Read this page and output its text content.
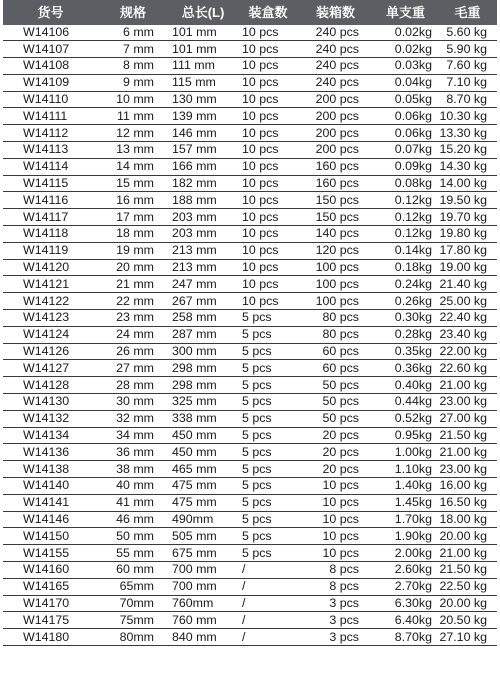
货号	规格	总长(L)	装盒数	装箱数	单支重	毛重
W14106	6 mm	101 mm	10 pcs	240 pcs	0.02kg	5.60 kg
W14107	7 mm	101 mm	10 pcs	240 pcs	0.02kg	5.90 kg
W14108	8 mm	111 mm	10 pcs	240 pcs	0.03kg	7.60 kg
W14109	9 mm	115 mm	10 pcs	240 pcs	0.04kg	7.10 kg
W14110	10 mm	130 mm	10 pcs	200 pcs	0.05kg	8.70 kg
W14111	11 mm	139 mm	10 pcs	200 pcs	0.06kg	10.30 kg
W14112	12 mm	146 mm	10 pcs	200 pcs	0.06kg	13.30 kg
W14113	13 mm	157 mm	10 pcs	200 pcs	0.07kg	15.20 kg
W14114	14 mm	166 mm	10 pcs	160 pcs	0.09kg	14.30 kg
W14115	15 mm	182 mm	10 pcs	160 pcs	0.08kg	14.00 kg
W14116	16 mm	188 mm	10 pcs	150 pcs	0.12kg	19.50 kg
W14117	17 mm	203 mm	10 pcs	150 pcs	0.12kg	19.70 kg
W14118	18 mm	203 mm	10 pcs	140 pcs	0.12kg	19.80 kg
W14119	19 mm	213 mm	10 pcs	120 pcs	0.14kg	17.80 kg
W14120	20 mm	213 mm	10 pcs	100 pcs	0.18kg	19.00 kg
W14121	21 mm	247 mm	10 pcs	100 pcs	0.24kg	21.40 kg
W14122	22 mm	267 mm	10 pcs	100 pcs	0.26kg	25.00 kg
W14123	23 mm	258 mm	5 pcs	80 pcs	0.30kg	22.40 kg
W14124	24 mm	287 mm	5 pcs	80 pcs	0.28kg	23.40 kg
W14126	26 mm	300 mm	5 pcs	60 pcs	0.35kg	22.00 kg
W14127	27 mm	298 mm	5 pcs	60 pcs	0.36kg	22.60 kg
W14128	28 mm	298 mm	5 pcs	50 pcs	0.40kg	21.00 kg
W14130	30 mm	325 mm	5 pcs	50 pcs	0.44kg	23.00 kg
W14132	32 mm	338 mm	5 pcs	50 pcs	0.52kg	27.00 kg
W14134	34 mm	450 mm	5 pcs	20 pcs	0.95kg	21.50 kg
W14136	36 mm	450 mm	5 pcs	20 pcs	1.00kg	21.00 kg
W14138	38 mm	465 mm	5 pcs	20 pcs	1.10kg	23.00 kg
W14140	40 mm	475 mm	5 pcs	10 pcs	1.40kg	16.00 kg
W14141	41 mm	475 mm	5 pcs	10 pcs	1.45kg	16.50 kg
W14146	46 mm	490mm	5 pcs	10 pcs	1.70kg	18.00 kg
W14150	50 mm	505 mm	5 pcs	10 pcs	1.90kg	20.00 kg
W14155	55 mm	675 mm	5 pcs	10 pcs	2.00kg	21.00 kg
W14160	60 mm	700 mm	/	8 pcs	2.60kg	21.50 kg
W14165	65mm	700 mm	/	8 pcs	2.70kg	22.50 kg
W14170	70mm	760mm	/	3 pcs	6.30kg	20.00 kg
W14175	75mm	760 mm	/	3 pcs	6.40kg	20.50 kg
W14180	80mm	840 mm	/	3 pcs	8.70kg	27.10 kg
